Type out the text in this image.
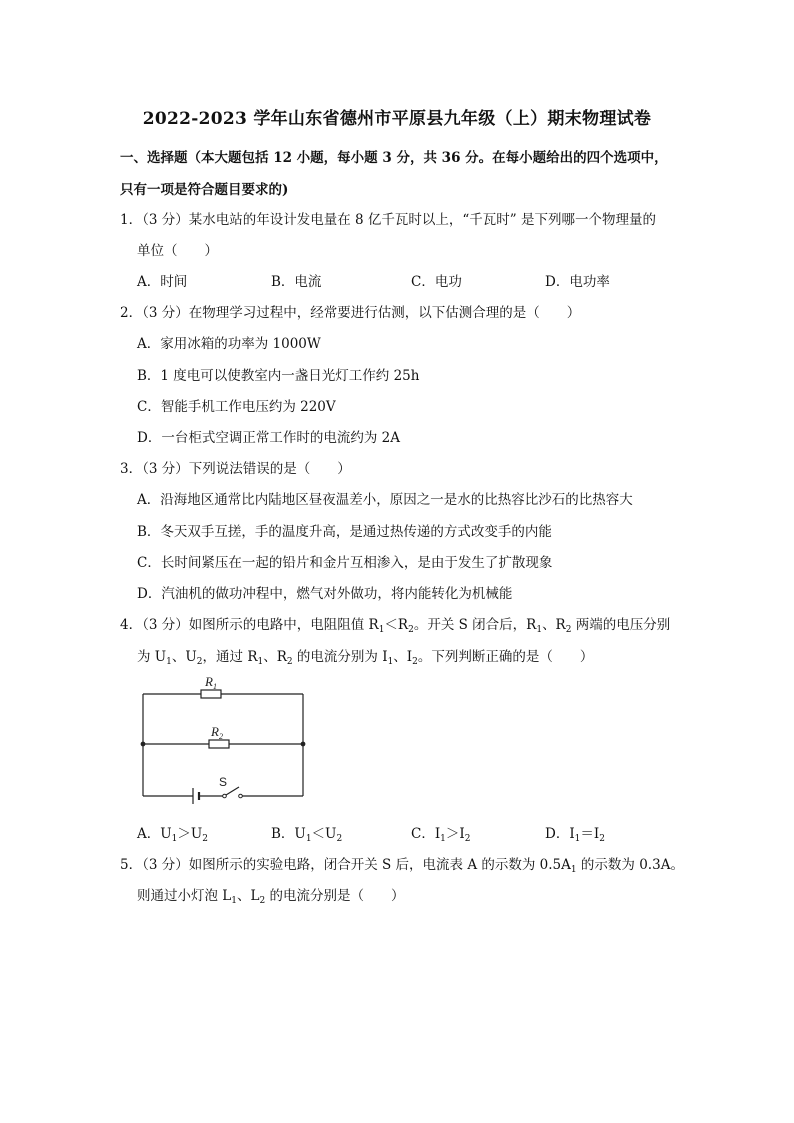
2022-2023 学年山东省德州市平原县九年级（上）期末物理试卷
一、选择题（本大题包括 12 小题，每小题 3 分，共 36 分。在每小题给出的四个选项中，
只有一项是符合题目要求的)
1．（3 分）某水电站的年设计发电量在 8 亿千瓦时以上，“千瓦时” 是下列哪一个物理量的
单位（　　）
A．时间	B．电流	C．电功	D．电功率
2．（3 分）在物理学习过程中，经常要进行估测，以下估测合理的是（　　）
A．家用冰箱的功率为 1000W
B．1 度电可以使教室内一盏日光灯工作约 25h
C．智能手机工作电压约为 220V
D．一台柜式空调正常工作时的电流约为 2A
3．（3 分）下列说法错误的是（　　）
A．沿海地区通常比内陆地区昼夜温差小，原因之一是水的比热容比沙石的比热容大
B．冬天双手互搓，手的温度升高，是通过热传递的方式改变手的内能
C．长时间紧压在一起的铅片和金片互相渗入，是由于发生了扩散现象
D．汽油机的做功冲程中，燃气对外做功，将内能转化为机械能
4．（3 分）如图所示的电路中，电阻阻值 $R_1<R_2$。开关 S 闭合后，$R_1$、$R_2$ 两端的电压分别
为 $U_1$、$U_2$，通过 $R_1$、$R_2$ 的电流分别为 $I_1$、$I_2$。下列判断正确的是（　　）
$R_1$
$R_2$
S
A．$U_1>U_2$	B．$U_1<U_2$	C．$I_1>I_2$	D．$I_1=I_2$
5．（3 分）如图所示的实验电路，闭合开关 S 后，电流表 A 的示数为 $0.5A_1$ 的示数为 0.3A。
则通过小灯泡 $L_1$、$L_2$ 的电流分别是（　　）
